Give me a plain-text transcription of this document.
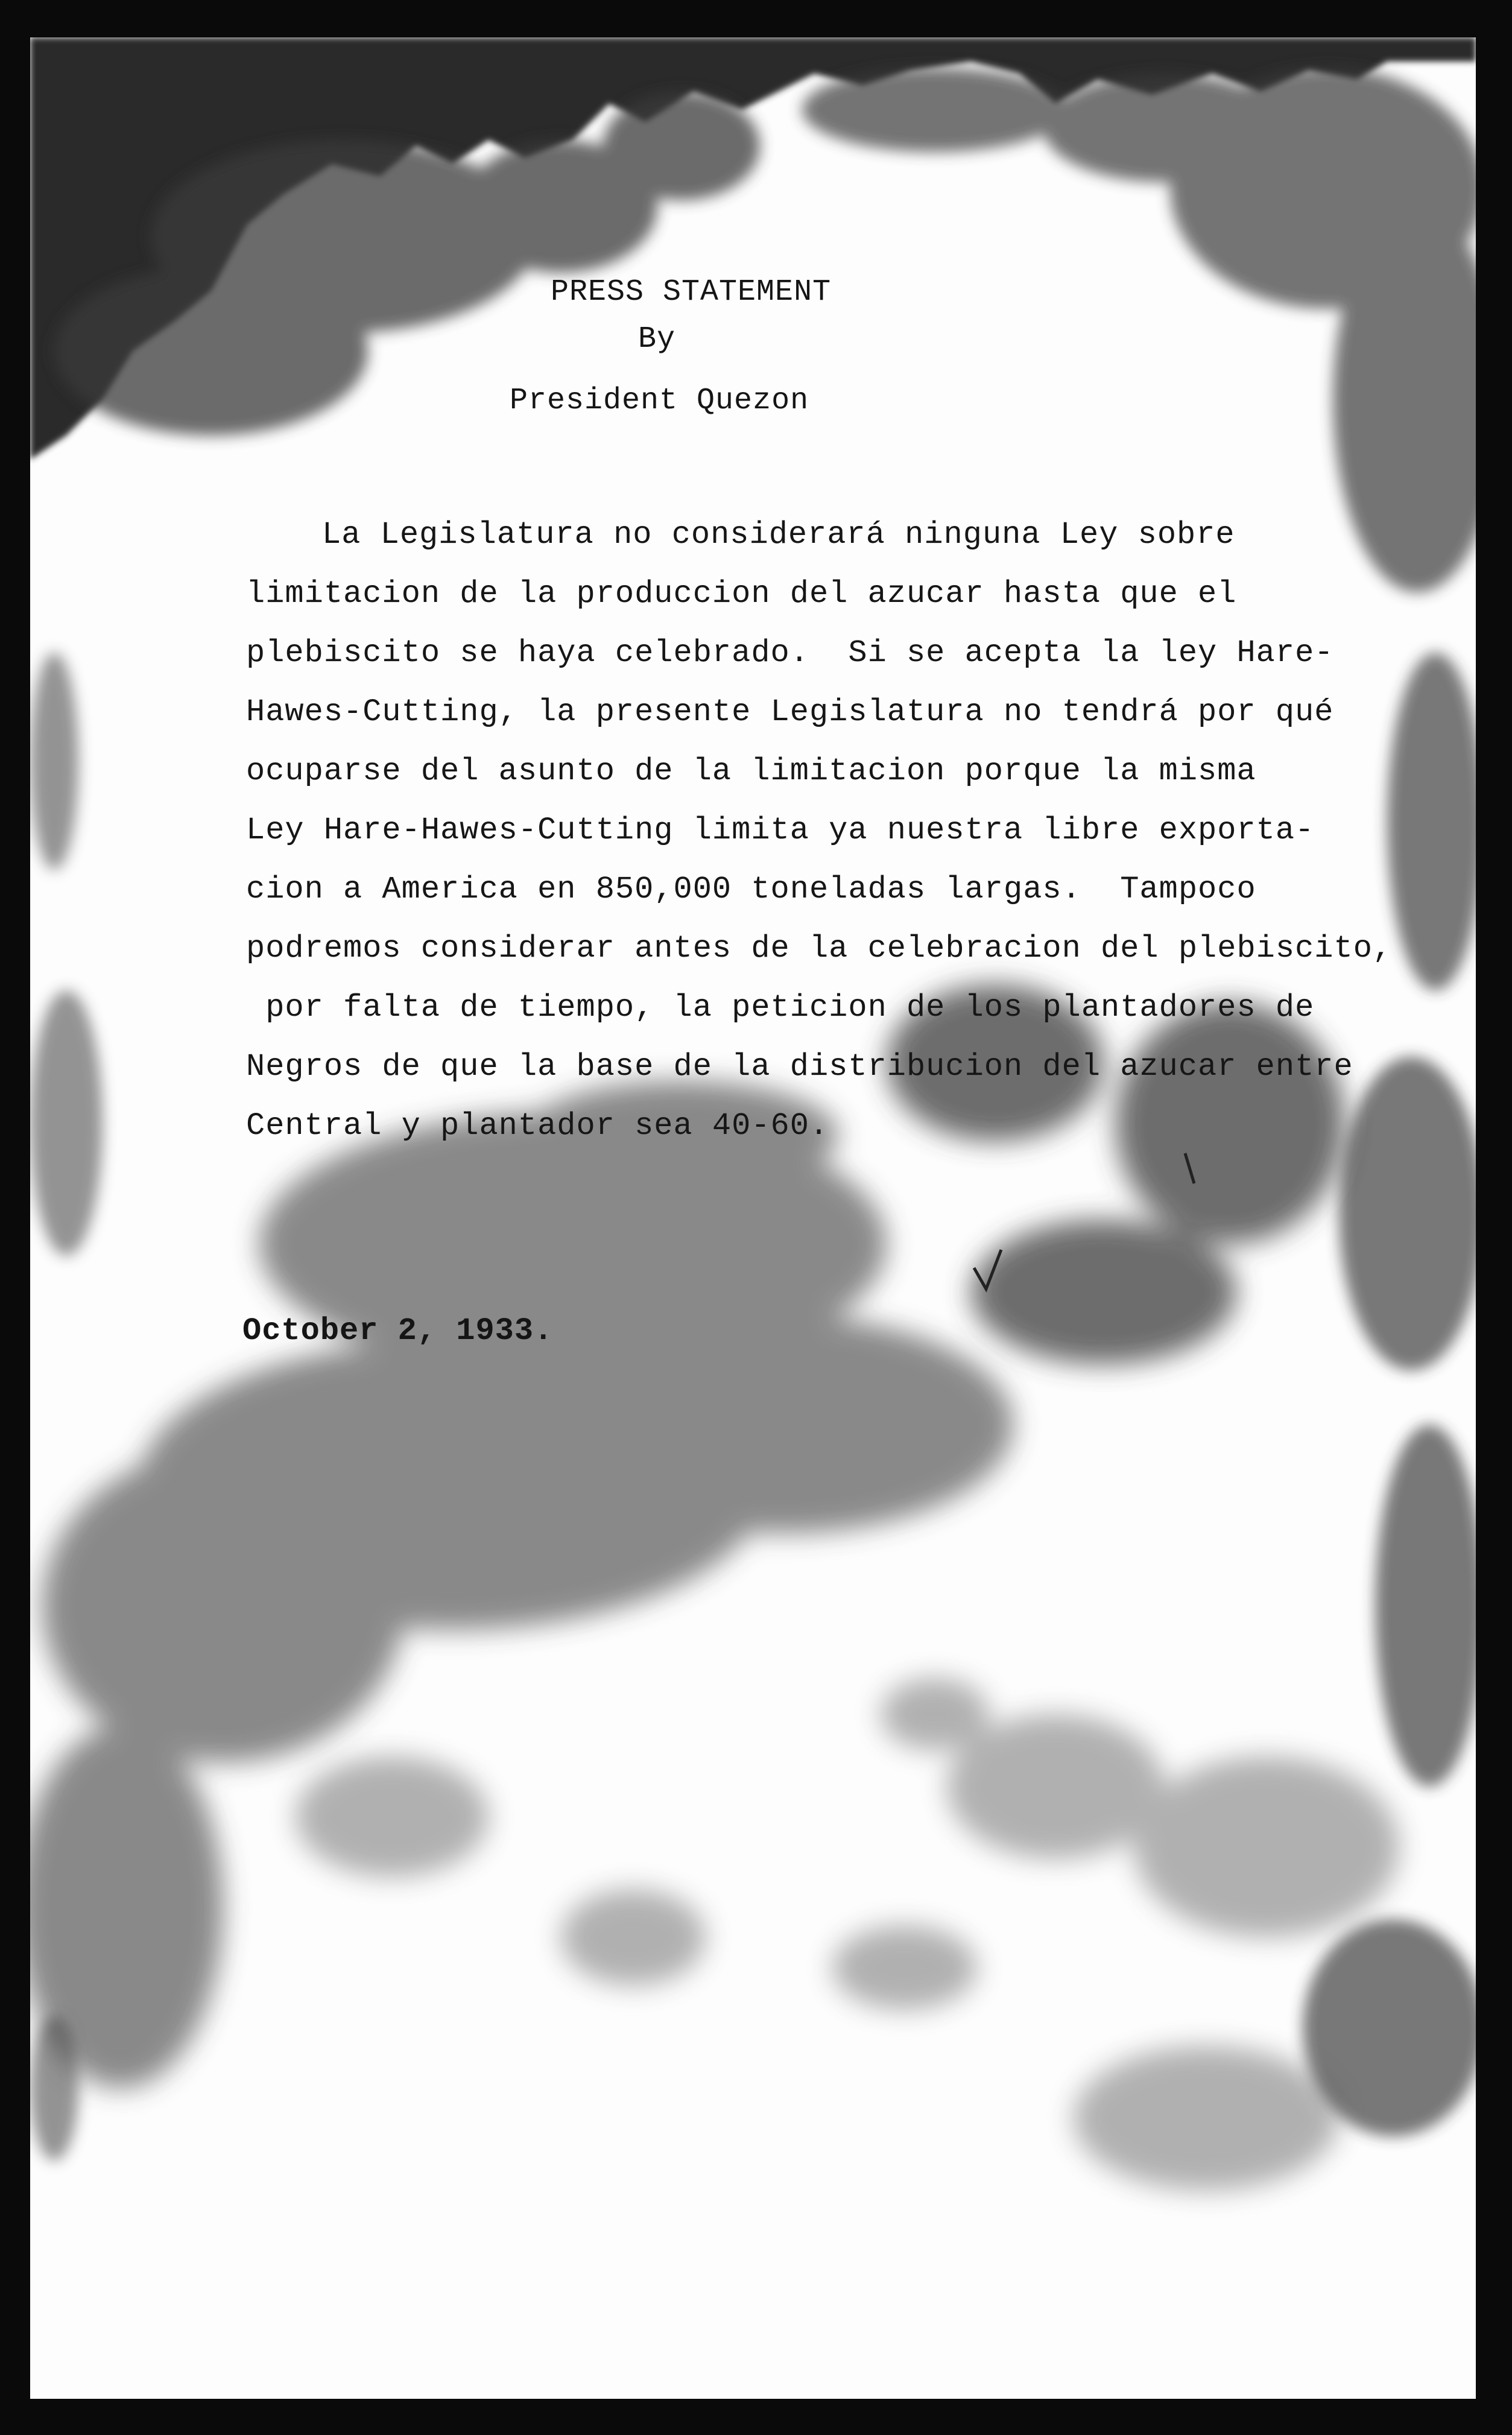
PRESS STATEMENT
By
President Quezon
La Legislatura no considerará ninguna Ley sobre
limitacion de la produccion del azucar hasta que el
plebiscito se haya celebrado.  Si se acepta la ley Hare-
Hawes-Cutting, la presente Legislatura no tendrá por qué
ocuparse del asunto de la limitacion porque la misma
Ley Hare-Hawes-Cutting limita ya nuestra libre exporta-
cion a America en 850,000 toneladas largas.  Tampoco
podremos considerar antes de la celebracion del plebiscito,
por falta de tiempo, la peticion de los plantadores de
Negros de que la base de la distribucion del azucar entre
Central y plantador sea 40-60.
October 2, 1933.
